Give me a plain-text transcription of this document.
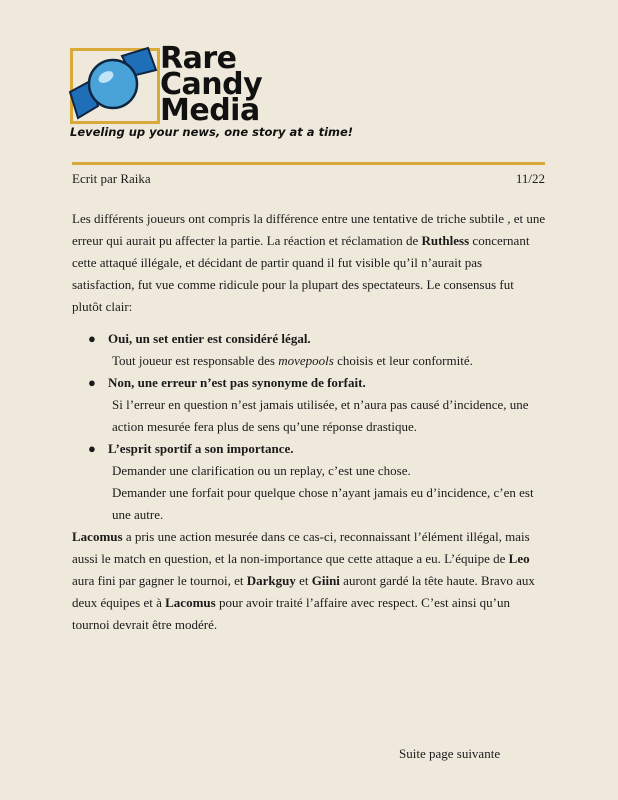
Rare
Candy
Media
Leveling up your news, one story at a time!
Ecrit par Raika	11/22

Les différents joueurs ont compris la différence entre une tentative de triche subtile , et une erreur qui aurait pu affecter la partie. La réaction et réclamation de Ruthless concernant cette attaqué illégale, et décidant de partir quand il fut visible qu’il n’aurait pas satisfaction, fut vue comme ridicule pour la plupart des spectateurs. Le consensus fut plutôt clair:

● Oui, un set entier est considéré légal.
Tout joueur est responsable des movepools choisis et leur conformité.
● Non, une erreur n’est pas synonyme de forfait.
Si l’erreur en question n’est jamais utilisée, et n’aura pas causé d’incidence, une action mesurée fera plus de sens qu’une réponse drastique.
● L’esprit sportif a son importance.
Demander une clarification ou un replay, c’est une chose.
Demander une forfait pour quelque chose n’ayant jamais eu d’incidence, c’en est une autre.
Lacomus a pris une action mesurée dans ce cas-ci, reconnaissant l’élément illégal, mais aussi le match en question, et la non-importance que cette attaque a eu. L’équipe de Leo aura fini par gagner le tournoi, et Darkguy et Giini auront gardé la tête haute. Bravo aux deux équipes et à Lacomus pour avoir traité l’affaire avec respect. C’est ainsi qu’un tournoi devrait être modéré.
Suite page suivante
